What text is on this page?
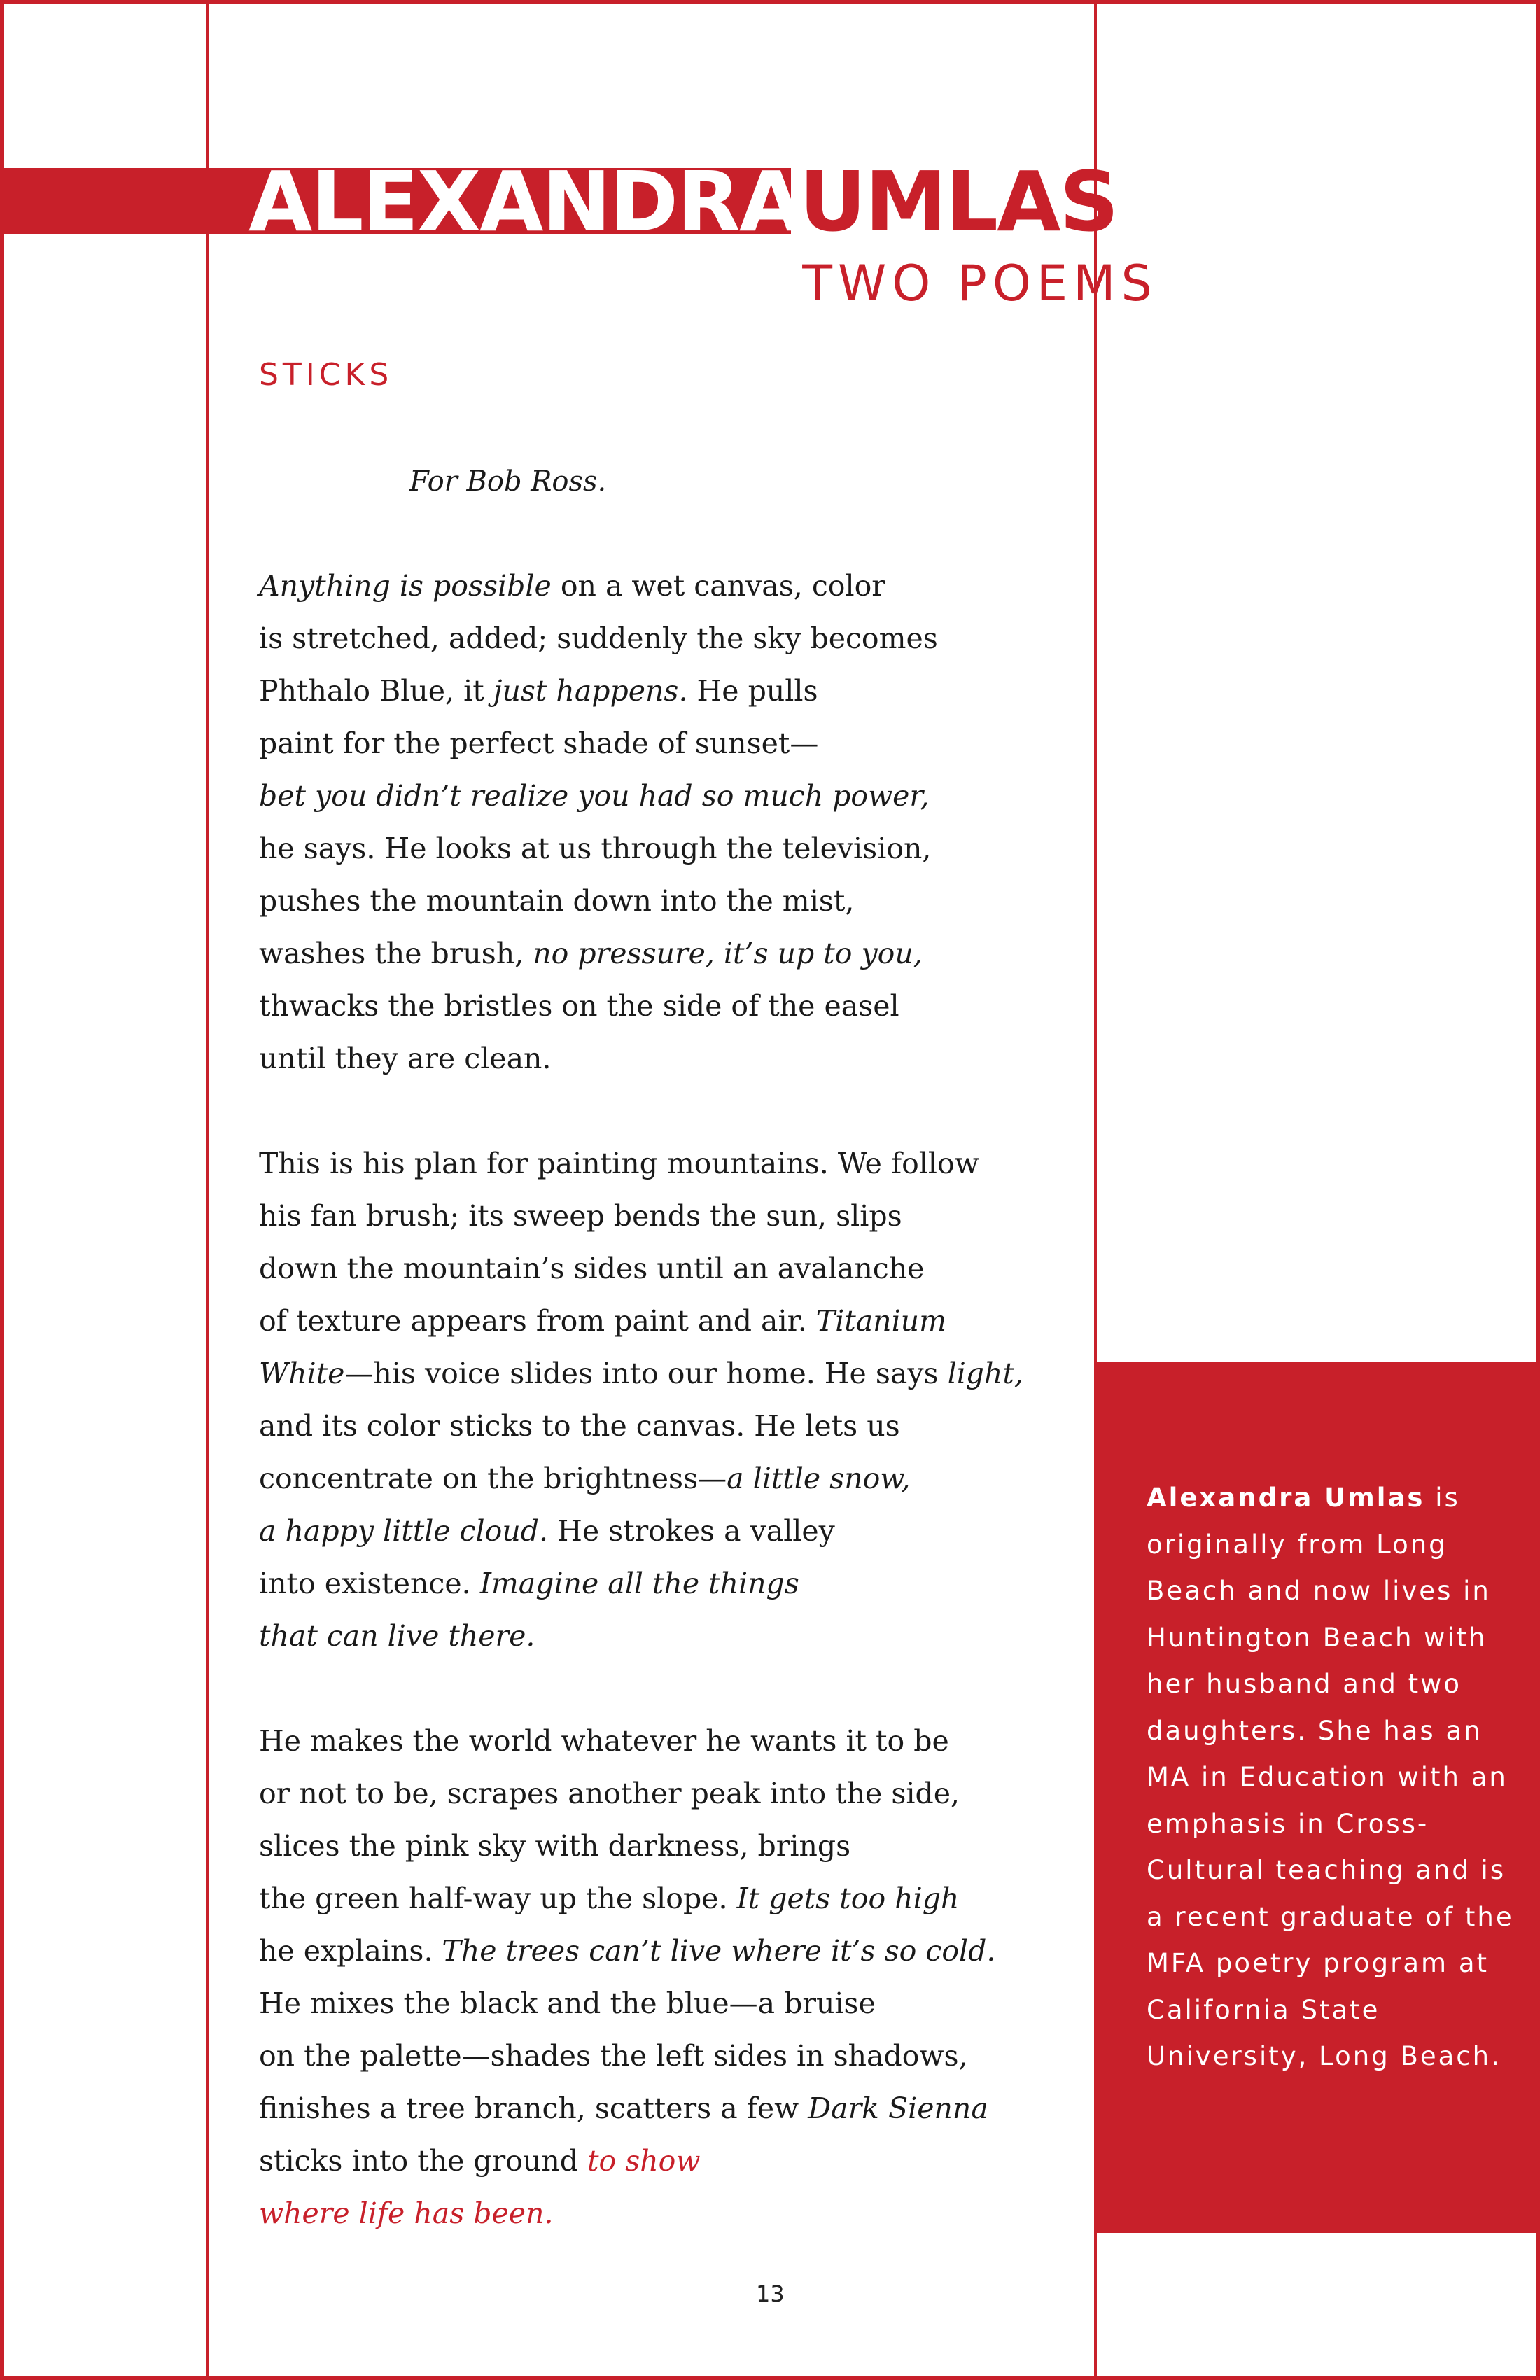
ALEXANDRAUMLAS
TWO POEMS
STICKS
For Bob Ross.
Anything is possible on a wet canvas, color
is stretched, added; suddenly the sky becomes
Phthalo Blue, it just happens. He pulls
paint for the perfect shade of sunset—
bet you didn’t realize you had so much power,
he says. He looks at us through the television,
pushes the mountain down into the mist,
washes the brush, no pressure, it’s up to you,
thwacks the bristles on the side of the easel
until they are clean.
This is his plan for painting mountains. We follow
his fan brush; its sweep bends the sun, slips
down the mountain’s sides until an avalanche
of texture appears from paint and air. Titanium
White—his voice slides into our home. He says light,
and its color sticks to the canvas. He lets us
concentrate on the brightness—a little snow,
a happy little cloud. He strokes a valley
into existence. Imagine all the things
that can live there.
He makes the world whatever he wants it to be
or not to be, scrapes another peak into the side,
slices the pink sky with darkness, brings
the green half-way up the slope. It gets too high
he explains. The trees can’t live where it’s so cold.
He mixes the black and the blue—a bruise
on the palette—shades the left sides in shadows,
finishes a tree branch, scatters a few Dark Sienna
sticks into the ground to show
where life has been.
Alexandra Umlas is originally from Long Beach and now lives in Huntington Beach with her husband and two daughters. She has an MA in Education with an emphasis in Cross-Cultural teaching and is a recent graduate of the MFA poetry program at California State University, Long Beach.
13
